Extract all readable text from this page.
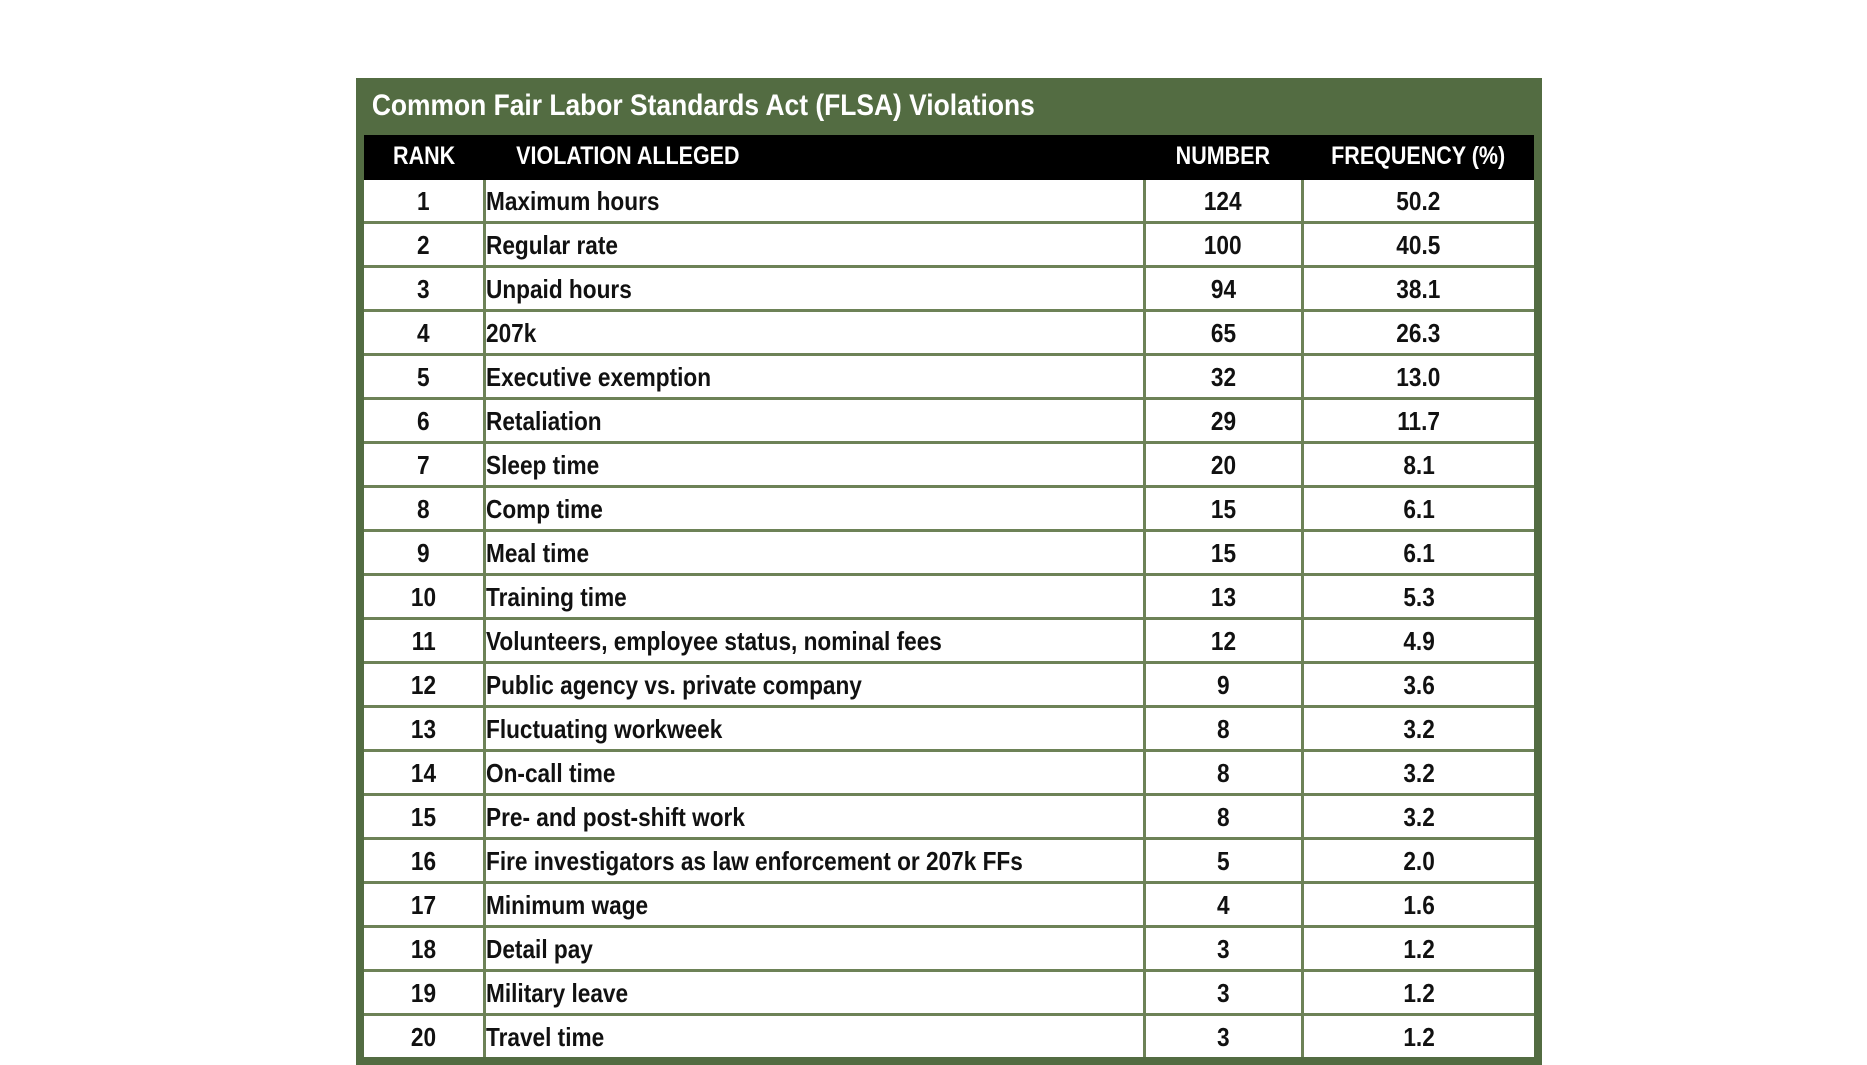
Common Fair Labor Standards Act (FLSA) Violations
RANK	VIOLATION ALLEGED	NUMBER	FREQUENCY (%)
1	Maximum hours	124	50.2
2	Regular rate	100	40.5
3	Unpaid hours	94	38.1
4	207k	65	26.3
5	Executive exemption	32	13.0
6	Retaliation	29	11.7
7	Sleep time	20	8.1
8	Comp time	15	6.1
9	Meal time	15	6.1
10	Training time	13	5.3
11	Volunteers, employee status, nominal fees	12	4.9
12	Public agency vs. private company	9	3.6
13	Fluctuating workweek	8	3.2
14	On-call time	8	3.2
15	Pre- and post-shift work	8	3.2
16	Fire investigators as law enforcement or 207k FFs	5	2.0
17	Minimum wage	4	1.6
18	Detail pay	3	1.2
19	Military leave	3	1.2
20	Travel time	3	1.2
